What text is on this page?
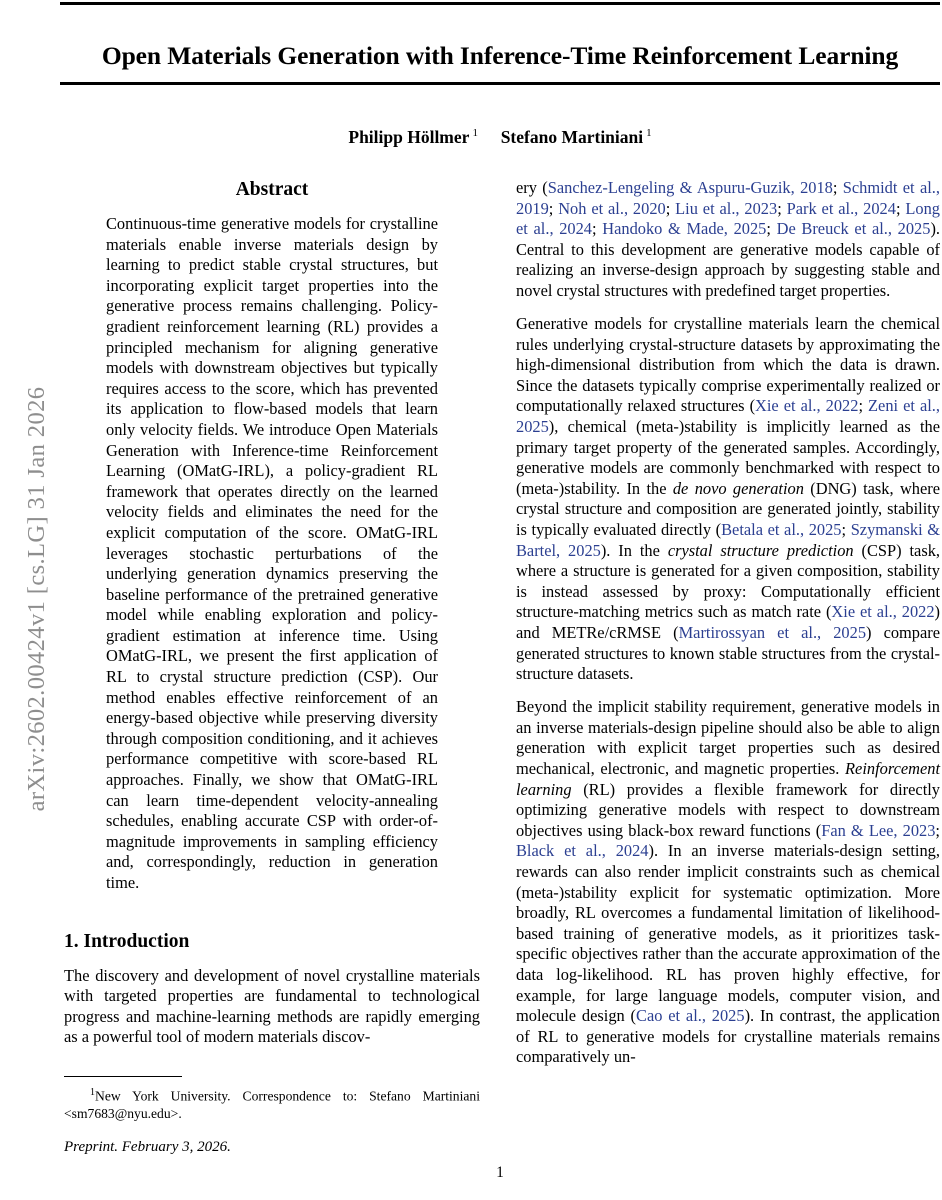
arXiv:2602.00424v1 [cs.LG] 31 Jan 2026
Open Materials Generation with Inference-Time Reinforcement Learning
Philipp Höllmer $^1$ Stefano Martiniani $^1$
Abstract

Continuous-time generative models for crystalline materials enable inverse materials design by learning to predict stable crystal structures, but incorporating explicit target properties into the generative process remains challenging. Policy-gradient reinforcement learning (RL) provides a principled mechanism for aligning generative models with downstream objectives but typically requires access to the score, which has prevented its application to flow-based models that learn only velocity fields. We introduce Open Materials Generation with Inference-time Reinforcement Learning (OMatG-IRL), a policy-gradient RL framework that operates directly on the learned velocity fields and eliminates the need for the explicit computation of the score. OMatG-IRL leverages stochastic perturbations of the underlying generation dynamics preserving the baseline performance of the pretrained generative model while enabling exploration and policy-gradient estimation at inference time. Using OMatG-IRL, we present the first application of RL to crystal structure prediction (CSP). Our method enables effective reinforcement of an energy-based objective while preserving diversity through composition conditioning, and it achieves performance competitive with score-based RL approaches. Finally, we show that OMatG-IRL can learn time-dependent velocity-annealing schedules, enabling accurate CSP with order-of-magnitude improvements in sampling efficiency and, correspondingly, reduction in generation time.

1. Introduction

The discovery and development of novel crystalline materials with targeted properties are fundamental to technological progress and machine-learning methods are rapidly emerging as a powerful tool of modern materials discov-

ery (Sanchez-Lengeling & Aspuru-Guzik, 2018; Schmidt et al., 2019; Noh et al., 2020; Liu et al., 2023; Park et al., 2024; Long et al., 2024; Handoko & Made, 2025; De Breuck et al., 2025). Central to this development are generative models capable of realizing an inverse-design approach by suggesting stable and novel crystal structures with predefined target properties.

Generative models for crystalline materials learn the chemical rules underlying crystal-structure datasets by approximating the high-dimensional distribution from which the data is drawn. Since the datasets typically comprise experimentally realized or computationally relaxed structures (Xie et al., 2022; Zeni et al., 2025), chemical (meta-)stability is implicitly learned as the primary target property of the generated samples. Accordingly, generative models are commonly benchmarked with respect to (meta-)stability. In the de novo generation (DNG) task, where crystal structure and composition are generated jointly, stability is typically evaluated directly (Betala et al., 2025; Szymanski & Bartel, 2025). In the crystal structure prediction (CSP) task, where a structure is generated for a given composition, stability is instead assessed by proxy: Computationally efficient structure-matching metrics such as match rate (Xie et al., 2022) and METRe/cRMSE (Martirossyan et al., 2025) compare generated structures to known stable structures from the crystal-structure datasets.

Beyond the implicit stability requirement, generative models in an inverse materials-design pipeline should also be able to align generation with explicit target properties such as desired mechanical, electronic, and magnetic properties. Reinforcement learning (RL) provides a flexible framework for directly optimizing generative models with respect to downstream objectives using black-box reward functions (Fan & Lee, 2023; Black et al., 2024). In an inverse materials-design setting, rewards can also render implicit constraints such as chemical (meta-)stability explicit for systematic optimization. More broadly, RL overcomes a fundamental limitation of likelihood-based training of generative models, as it prioritizes task-specific objectives rather than the accurate approximation of the data log-likelihood. RL has proven highly effective, for example, for large language models, computer vision, and molecule design (Cao et al., 2025). In contrast, the application of RL to generative models for crystalline materials remains comparatively un-

$^1$New York University. Correspondence to: Stefano Martiniani <sm7683@nyu.edu>.

Preprint. February 3, 2026.

1
